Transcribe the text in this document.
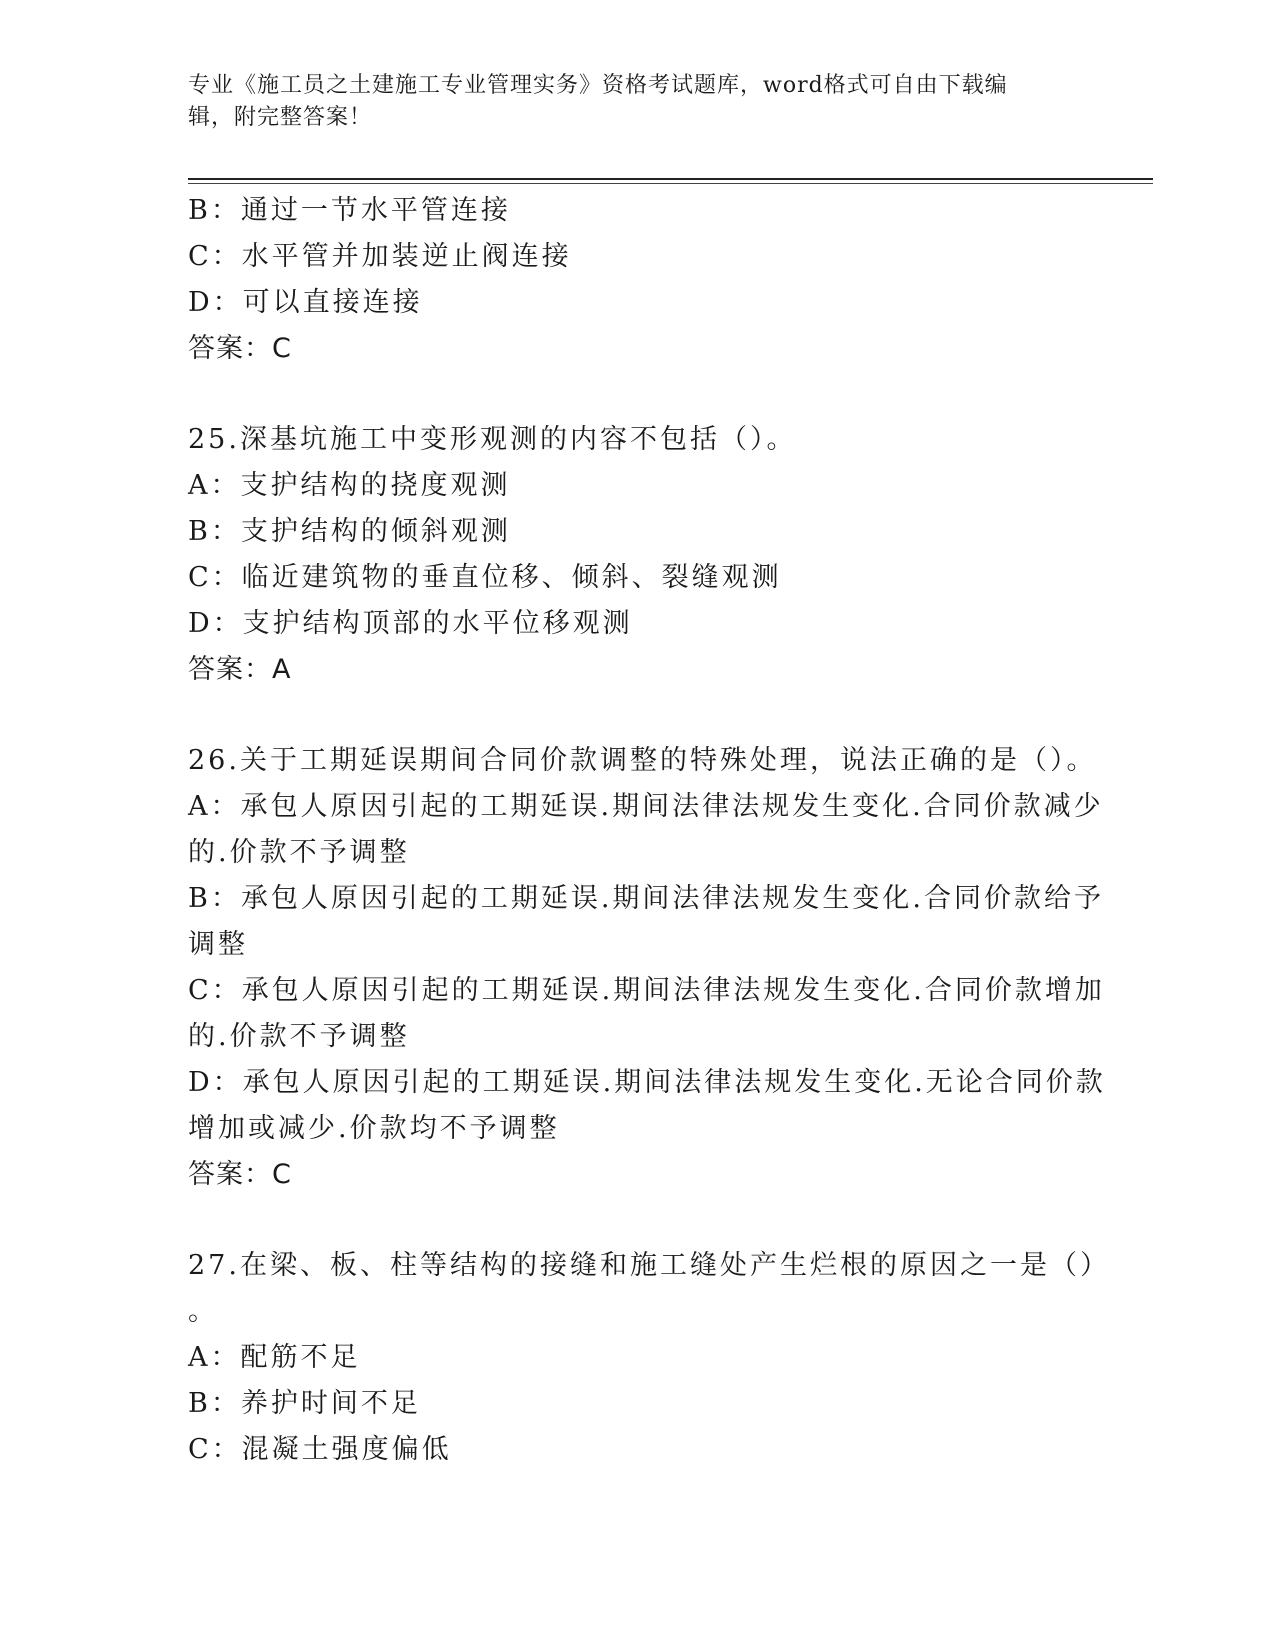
专业《施工员之土建施工专业管理实务》资格考试题库，word格式可自由下载编
辑，附完整答案！
B：通过一节水平管连接
C：水平管并加装逆止阀连接
D：可以直接连接
答案：C
25.深基坑施工中变形观测的内容不包括（）。
A：支护结构的挠度观测
B：支护结构的倾斜观测
C：临近建筑物的垂直位移、倾斜、裂缝观测
D：支护结构顶部的水平位移观测
答案：A
26.关于工期延误期间合同价款调整的特殊处理，说法正确的是（）。
A：承包人原因引起的工期延误.期间法律法规发生变化.合同价款减少
的.价款不予调整
B：承包人原因引起的工期延误.期间法律法规发生变化.合同价款给予
调整
C：承包人原因引起的工期延误.期间法律法规发生变化.合同价款增加
的.价款不予调整
D：承包人原因引起的工期延误.期间法律法规发生变化.无论合同价款
增加或减少.价款均不予调整
答案：C
27.在梁、板、柱等结构的接缝和施工缝处产生烂根的原因之一是（）
。
A：配筋不足
B：养护时间不足
C：混凝土强度偏低
